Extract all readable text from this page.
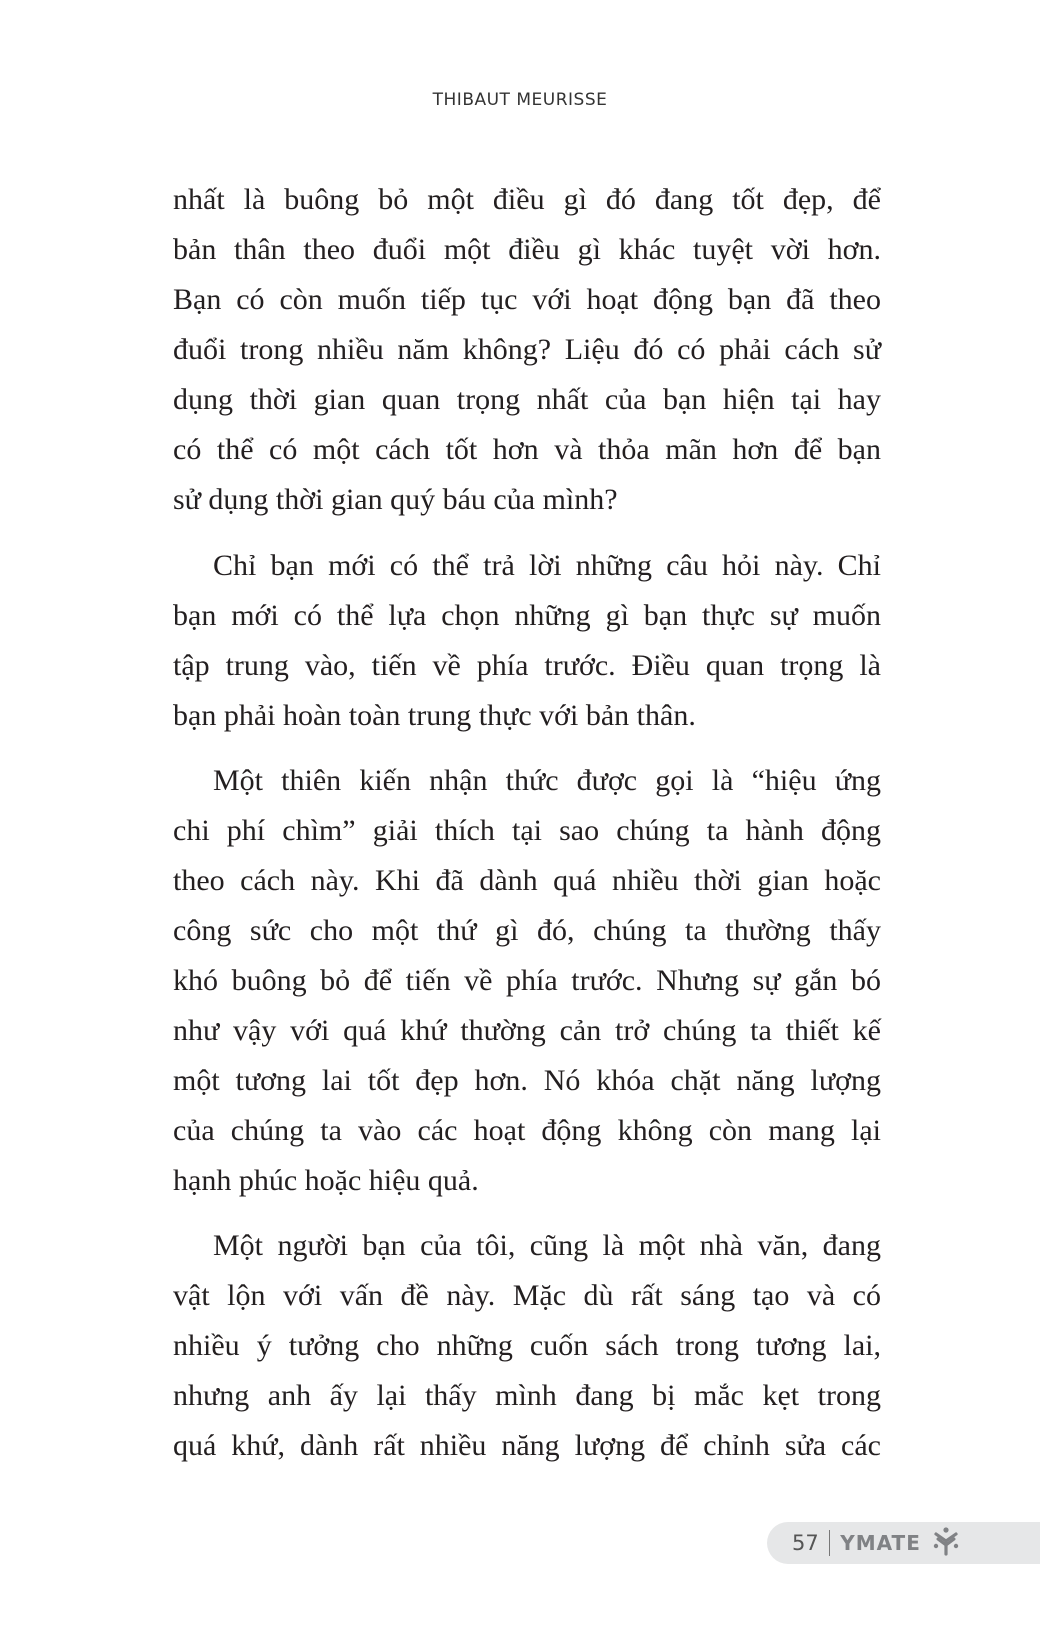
THIBAUT MEURISSE
nhất là buông bỏ một điều gì đó đang tốt đẹp, để
bản thân theo đuổi một điều gì khác tuyệt vời hơn.
Bạn có còn muốn tiếp tục với hoạt động bạn đã theo
đuổi trong nhiều năm không? Liệu đó có phải cách sử
dụng thời gian quan trọng nhất của bạn hiện tại hay
có thể có một cách tốt hơn và thỏa mãn hơn để bạn
sử dụng thời gian quý báu của mình?
Chỉ bạn mới có thể trả lời những câu hỏi này. Chỉ
bạn mới có thể lựa chọn những gì bạn thực sự muốn
tập trung vào, tiến về phía trước. Điều quan trọng là
bạn phải hoàn toàn trung thực với bản thân.
Một thiên kiến nhận thức được gọi là “hiệu ứng
chi phí chìm” giải thích tại sao chúng ta hành động
theo cách này. Khi đã dành quá nhiều thời gian hoặc
công sức cho một thứ gì đó, chúng ta thường thấy
khó buông bỏ để tiến về phía trước. Nhưng sự gắn bó
như vậy với quá khứ thường cản trở chúng ta thiết kế
một tương lai tốt đẹp hơn. Nó khóa chặt năng lượng
của chúng ta vào các hoạt động không còn mang lại
hạnh phúc hoặc hiệu quả.
Một người bạn của tôi, cũng là một nhà văn, đang
vật lộn với vấn đề này. Mặc dù rất sáng tạo và có
nhiều ý tưởng cho những cuốn sách trong tương lai,
nhưng anh ấy lại thấy mình đang bị mắc kẹt trong
quá khứ, dành rất nhiều năng lượng để chỉnh sửa các
57 YMATE
